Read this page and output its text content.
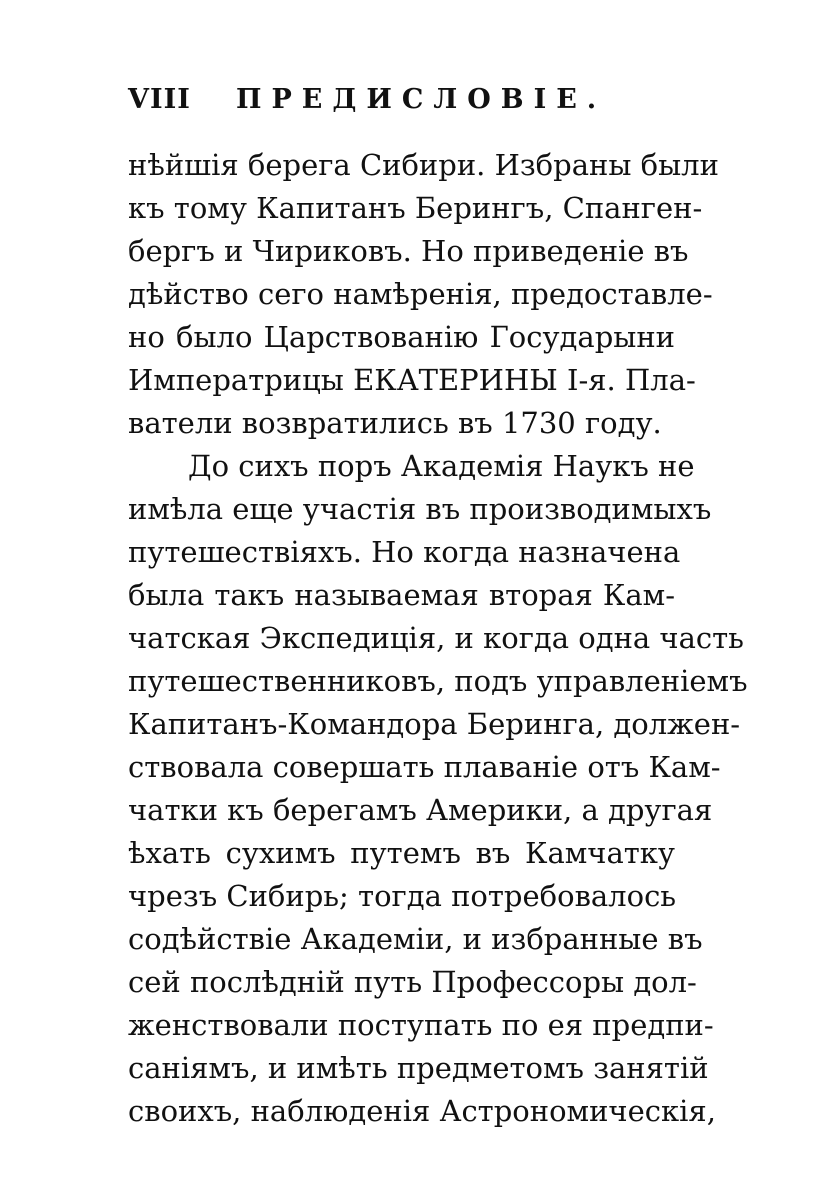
VIII ПРЕДИСЛОВІЕ.
нѣйшія берега Сибири. Избраны были
къ тому Капитанъ Берингъ, Спанген-
бергъ и Чириковъ. Но приведеніе въ
дѣйство сего намѣренія, предоставле-
но было Царствованію Государыни
Императрицы ЕКАТЕРИНЫ I-я. Пла-
ватели возвратились въ 1730 году.
До сихъ поръ Академія Наукъ не
имѣла еще участія въ производимыхъ
путешествіяхъ. Но когда назначена
была такъ называемая вторая Кам-
чатская Экспедиція, и когда одна часть
путешественниковъ, подъ управленіемъ
Капитанъ-Командора Беринга, должен-
ствовала совершать плаваніе отъ Кам-
чатки къ берегамъ Америки, а другая
ѣхать сухимъ путемъ въ Камчатку
чрезъ Сибирь; тогда потребовалось
содѣйствіе Академіи, и избранные въ
сей послѣдній путь Профессоры дол-
женствовали поступать по ея предпи-
саніямъ, и имѣть предметомъ занятій
своихъ, наблюденія Астрономическія,
